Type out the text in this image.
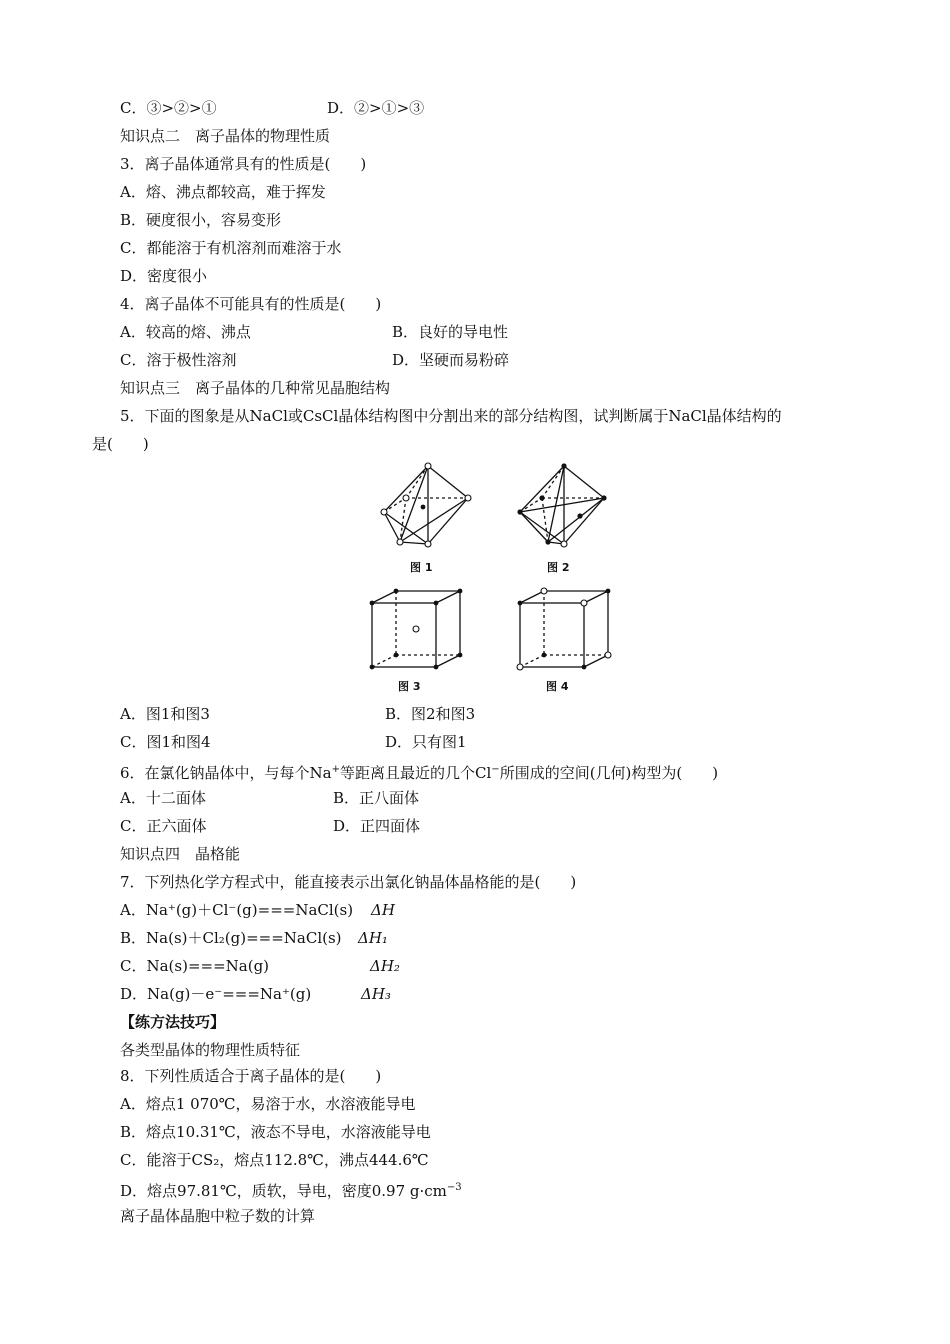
C．③>②>①	D．②>①>③
知识点二　离子晶体的物理性质
3．离子晶体通常具有的性质是(　　)
A．熔、沸点都较高，难于挥发
B．硬度很小，容易变形
C．都能溶于有机溶剂而难溶于水
D．密度很小
4．离子晶体不可能具有的性质是(　　)
A．较高的熔、沸点	B．良好的导电性
C．溶于极性溶剂	D．坚硬而易粉碎
知识点三　离子晶体的几种常见晶胞结构
5．下面的图象是从NaCl或CsCl晶体结构图中分割出来的部分结构图，试判断属于NaCl晶体结构的
是(　　)
图 1	图 2
图 3	图 4
A．图1和图3	B．图2和图3
C．图1和图4	D．只有图1
6．在氯化钠晶体中，与每个Na+等距离且最近的几个Cl−所围成的空间(几何)构型为(　　)
A．十二面体	B．正八面体
C．正六面体	D．正四面体
知识点四　晶格能
7．下列热化学方程式中，能直接表示出氯化钠晶体晶格能的是(　　)
A．Na⁺(g)＋Cl⁻(g)===NaCl(s) ΔH
B．Na(s)＋Cl₂(g)===NaCl(s) ΔH₁
C．Na(s)===Na(g)	ΔH₂
D．Na(g)－e⁻===Na⁺(g)	ΔH₃
【练方法技巧】
各类型晶体的物理性质特征
8．下列性质适合于离子晶体的是(　　)
A．熔点1 070℃，易溶于水，水溶液能导电
B．熔点10.31℃，液态不导电，水溶液能导电
C．能溶于CS₂，熔点112.8℃，沸点444.6℃
D．熔点97.81℃，质软，导电，密度0.97 $g\cdot cm^{-3}$
离子晶体晶胞中粒子数的计算
